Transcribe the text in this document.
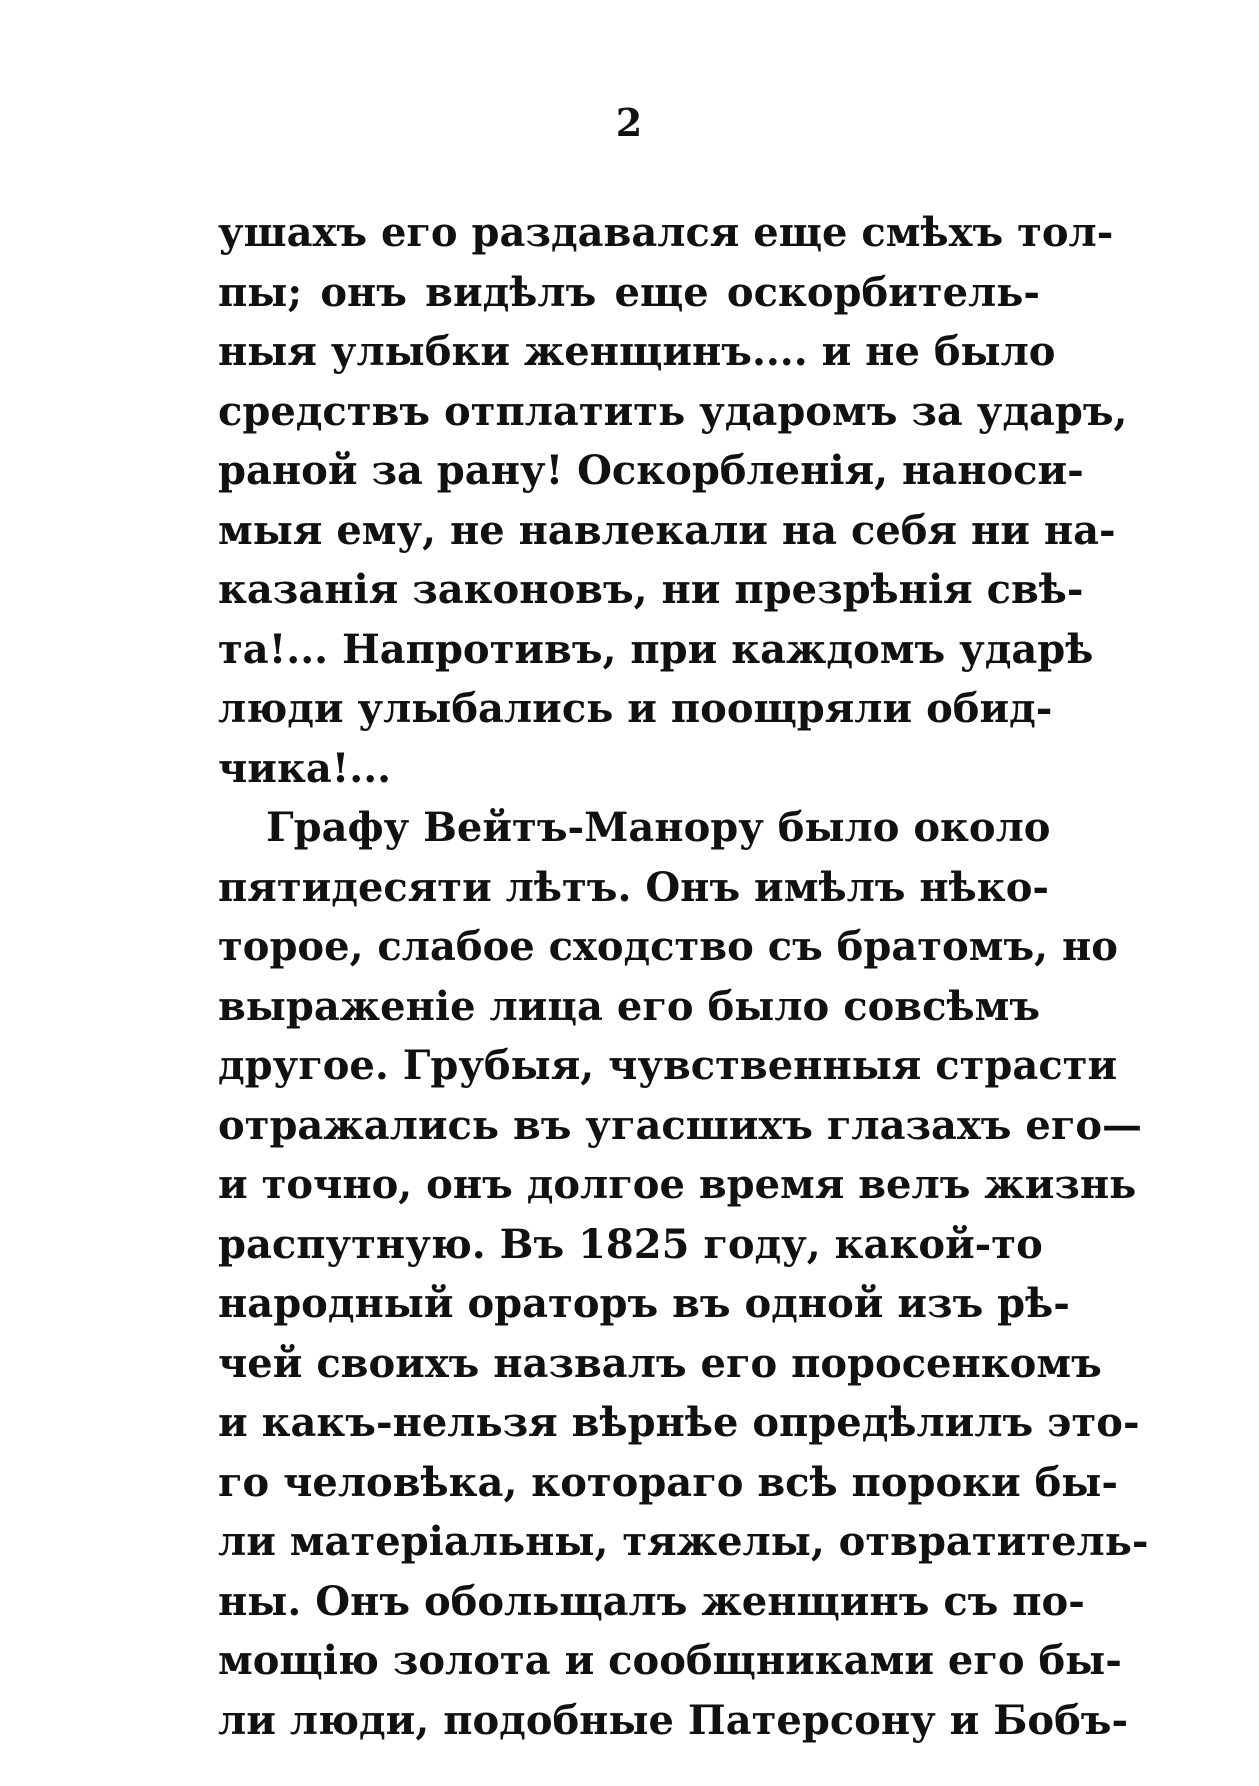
2
ушахъ его раздавался еще смѣхъ тол-
пы; онъ видѣлъ еще оскорбитель-
ныя улыбки женщинъ.... и не было
средствъ отплатить ударомъ за ударъ,
раной за рану! Оскорбленія, наноси-
мыя ему, не навлекали на себя ни на-
казанія законовъ, ни презрѣнія свѣ-
та!... Напротивъ, при каждомъ ударѣ
люди улыбались и поощряли обид-
чика!...
Графу Вейтъ-Манору было около
пятидесяти лѣтъ. Онъ имѣлъ нѣко-
торое, слабое сходство съ братомъ, но
выраженіе лица его было совсѣмъ
другое. Грубыя, чувственныя страсти
отражались въ угасшихъ глазахъ его—
и точно, онъ долгое время велъ жизнь
распутную. Въ 1825 году, какой-то
народный ораторъ въ одной изъ рѣ-
чей своихъ назвалъ его поросенкомъ
и какъ-нельзя вѣрнѣе опредѣлилъ это-
го человѣка, котораго всѣ пороки бы-
ли матеріальны, тяжелы, отвратитель-
ны. Онъ обольщалъ женщинъ съ по-
мощію золота и сообщниками его бы-
ли люди, подобные Патерсону и Бобъ-
